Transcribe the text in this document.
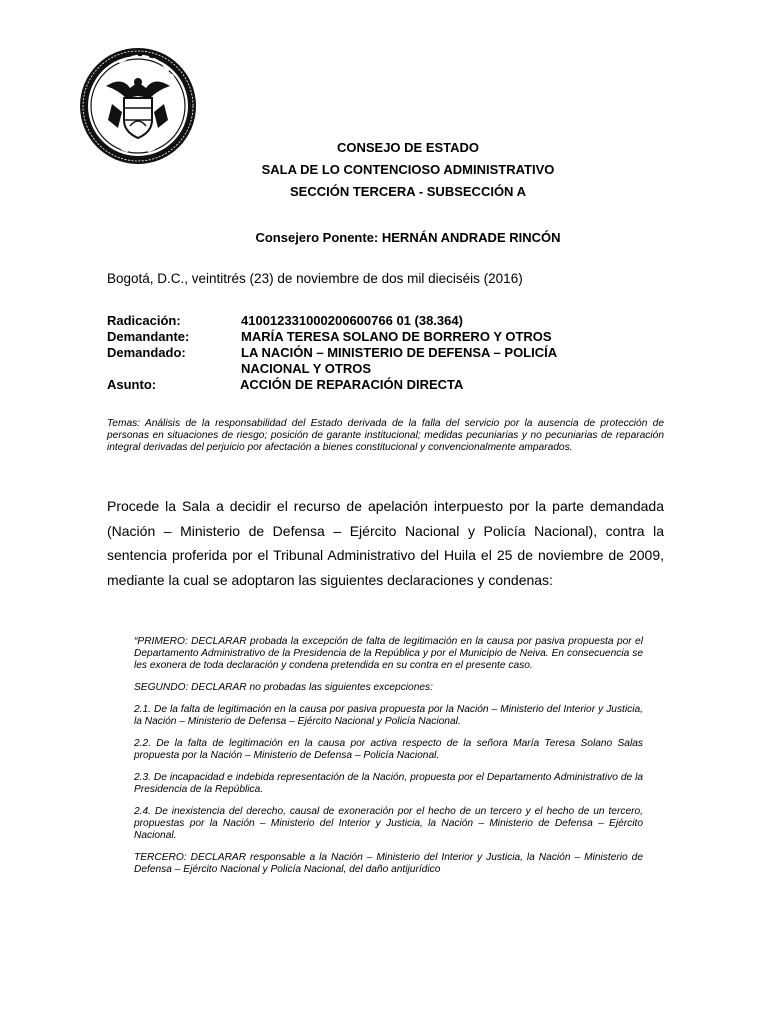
CONSEJO DE ESTADO

SALA DE LO CONTENCIOSO ADMINISTRATIVO

SECCIÓN TERCERA - SUBSECCIÓN A

Consejero Ponente: HERNÁN ANDRADE RINCÓN
Bogotá, D.C., veintitrés (23) de noviembre de dos mil dieciséis (2016)
Radicación:	410012331000200600766 01 (38.364)
Demandante:	MARÍA TERESA SOLANO DE BORRERO Y OTROS
Demandado:	LA NACIÓN – MINISTERIO DE DEFENSA – POLICÍA NACIONAL Y OTROS
Asunto:	ACCIÓN DE REPARACIÓN DIRECTA

Temas: Análisis de la responsabilidad del Estado derivada de la falla del servicio por la ausencia de protección de personas en situaciones de riesgo; posición de garante institucional; medidas pecuniarias y no pecuniarias de reparación integral derivadas del perjuicio por afectación a bienes constitucional y convencionalmente amparados.

Procede la Sala a decidir el recurso de apelación interpuesto por la parte demandada (Nación – Ministerio de Defensa – Ejército Nacional y Policía Nacional), contra la sentencia proferida por el Tribunal Administrativo del Huila el 25 de noviembre de 2009, mediante la cual se adoptaron las siguientes declaraciones y condenas:

“PRIMERO: DECLARAR probada la excepción de falta de legitimación en la causa por pasiva propuesta por el Departamento Administrativo de la Presidencia de la República y por el Municipio de Neiva. En consecuencia se les exonera de toda declaración y condena pretendida en su contra en el presente caso.

SEGUNDO: DECLARAR no probadas las siguientes excepciones:

2.1. De la falta de legitimación en la causa por pasiva propuesta por la Nación – Ministerio del Interior y Justicia, la Nación – Ministerio de Defensa – Ejército Nacional y Policía Nacional.

2.2. De la falta de legitimación en la causa por activa respecto de la señora María Teresa Solano Salas propuesta por la Nación – Ministerio de Defensa – Policía Nacional.

2.3. De incapacidad e indebida representación de la Nación, propuesta por el Departamento Administrativo de la Presidencia de la República.

2.4. De inexistencia del derecho, causal de exoneración por el hecho de un tercero y el hecho de un tercero, propuestas por la Nación – Ministerio del Interior y Justicia, la Nación – Ministerio de Defensa – Ejército Nacional.

TERCERO: DECLARAR responsable a la Nación – Ministerio del Interior y Justicia, la Nación – Ministerio de Defensa – Ejército Nacional y Policía Nacional, del daño antijurídico
